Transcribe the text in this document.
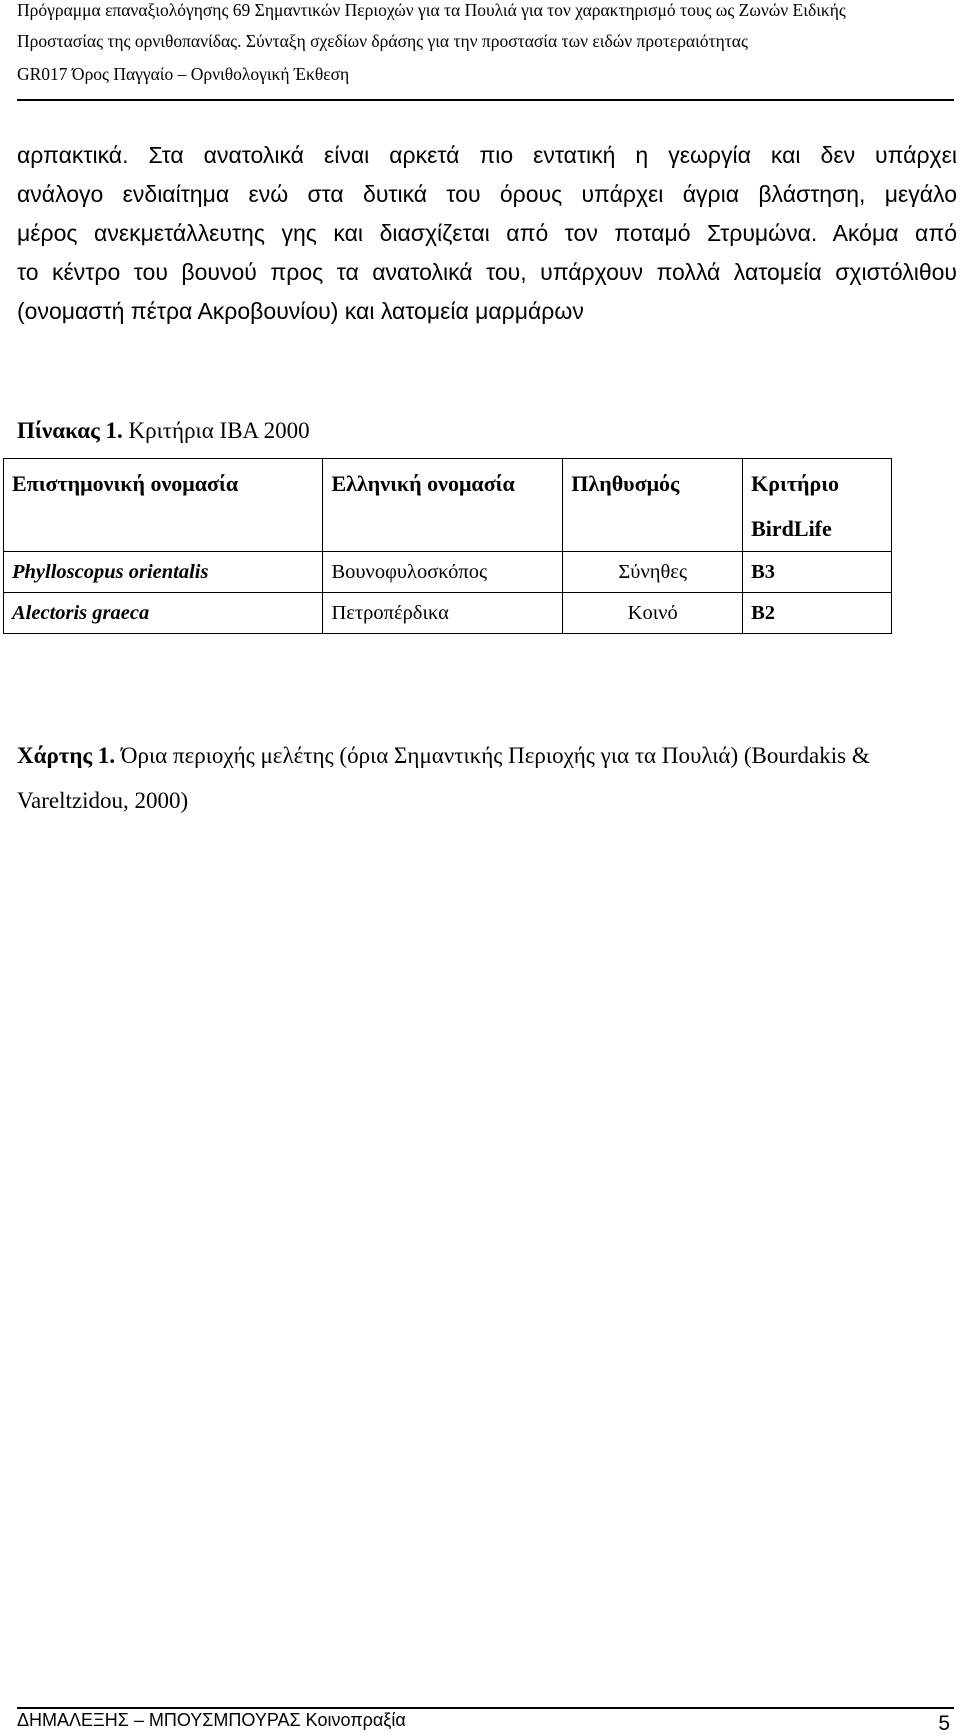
Πρόγραμμα επαναξιολόγησης 69 Σημαντικών Περιοχών για τα Πουλιά για τον χαρακτηρισμό τους ως Ζωνών Ειδικής
Προστασίας της ορνιθοπανίδας. Σύνταξη σχεδίων δράσης για την προστασία των ειδών προτεραιότητας
GR017 Όρος Παγγαίο – Ορνιθολογική Έκθεση
αρπακτικά. Στα ανατολικά είναι αρκετά πιο εντατική η γεωργία και δεν υπάρχει
ανάλογο ενδιαίτημα ενώ στα δυτικά του όρους υπάρχει άγρια βλάστηση, μεγάλο
μέρος ανεκμετάλλευτης γης και διασχίζεται από τον ποταμό Στρυμώνα. Ακόμα από
το κέντρο του βουνού προς τα ανατολικά του, υπάρχουν πολλά λατομεία σχιστόλιθου
(ονομαστή πέτρα Ακροβουνίου) και λατομεία μαρμάρων
Πίνακας 1. Κριτήρια IBA 2000
Επιστημονική ονομασία	Ελληνική ονομασία	Πληθυσμός	Κριτήριο BirdLife
Phylloscopus orientalis	Βουνοφυλοσκόπος	Σύνηθες	B3
Alectoris graeca	Πετροπέρδικα	Κοινό	B2
Χάρτης 1. Όρια περιοχής μελέτης (όρια Σημαντικής Περιοχής για τα Πουλιά) (Bourdakis & Vareltzidou, 2000)
ΔΗΜΑΛΕΞΗΣ – ΜΠΟΥΣΜΠΟΥΡΑΣ Κοινοπραξία	5
